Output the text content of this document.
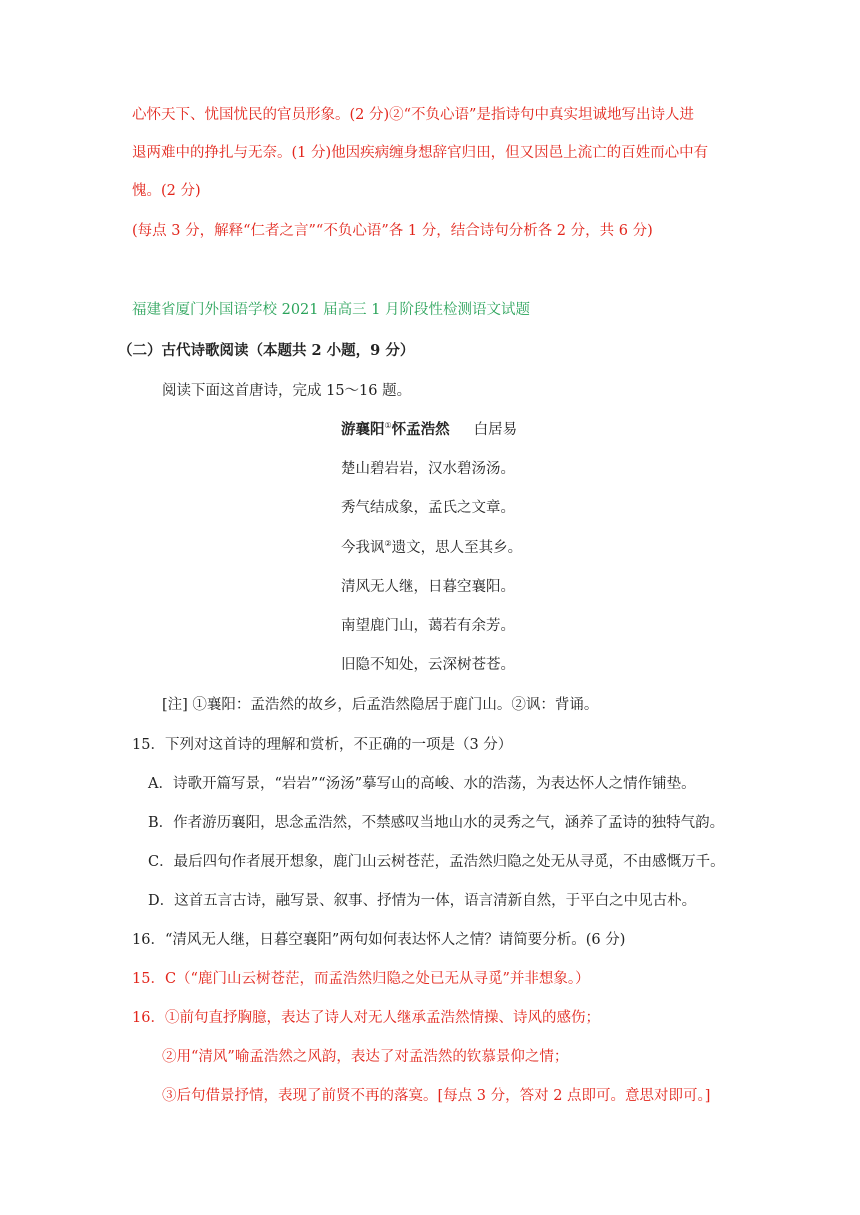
心怀天下、忧国忧民的官员形象。(2 分)②“不负心语”是指诗句中真实坦诚地写出诗人进
退两难中的挣扎与无奈。(1 分)他因疾病缠身想辞官归田，但又因邑上流亡的百姓而心中有
愧。(2 分)
(每点 3 分，解释“仁者之言”“不负心语”各 1 分，结合诗句分析各 2 分，共 6 分)
福建省厦门外国语学校 2021 届高三 1 月阶段性检测语文试题
（二）古代诗歌阅读（本题共 2 小题，9 分）
阅读下面这首唐诗，完成 15～16 题。
游襄阳①怀孟浩然 白居易
楚山碧岩岩，汉水碧汤汤。
秀气结成象，孟氏之文章。
今我讽②遗文，思人至其乡。
清风无人继，日暮空襄阳。
南望鹿门山，蔼若有余芳。
旧隐不知处，云深树苍苍。
[注] ①襄阳：孟浩然的故乡，后孟浩然隐居于鹿门山。②讽：背诵。
15．下列对这首诗的理解和赏析，不正确的一项是（3 分）
A．诗歌开篇写景，“岩岩”“汤汤”摹写山的高峻、水的浩荡，为表达怀人之情作铺垫。
B．作者游历襄阳，思念孟浩然，不禁感叹当地山水的灵秀之气，涵养了孟诗的独特气韵。
C．最后四句作者展开想象，鹿门山云树苍茫，孟浩然归隐之处无从寻觅，不由感慨万千。
D．这首五言古诗，融写景、叙事、抒情为一体，语言清新自然，于平白之中见古朴。
16．“清风无人继，日暮空襄阳”两句如何表达怀人之情？请简要分析。(6 分)
15．C（“鹿门山云树苍茫，而孟浩然归隐之处已无从寻觅”并非想象。）
16．①前句直抒胸臆，表达了诗人对无人继承孟浩然情操、诗风的感伤；
②用“清风”喻孟浩然之风韵，表达了对孟浩然的钦慕景仰之情；
③后句借景抒情，表现了前贤不再的落寞。[每点 3 分，答对 2 点即可。意思对即可。]
